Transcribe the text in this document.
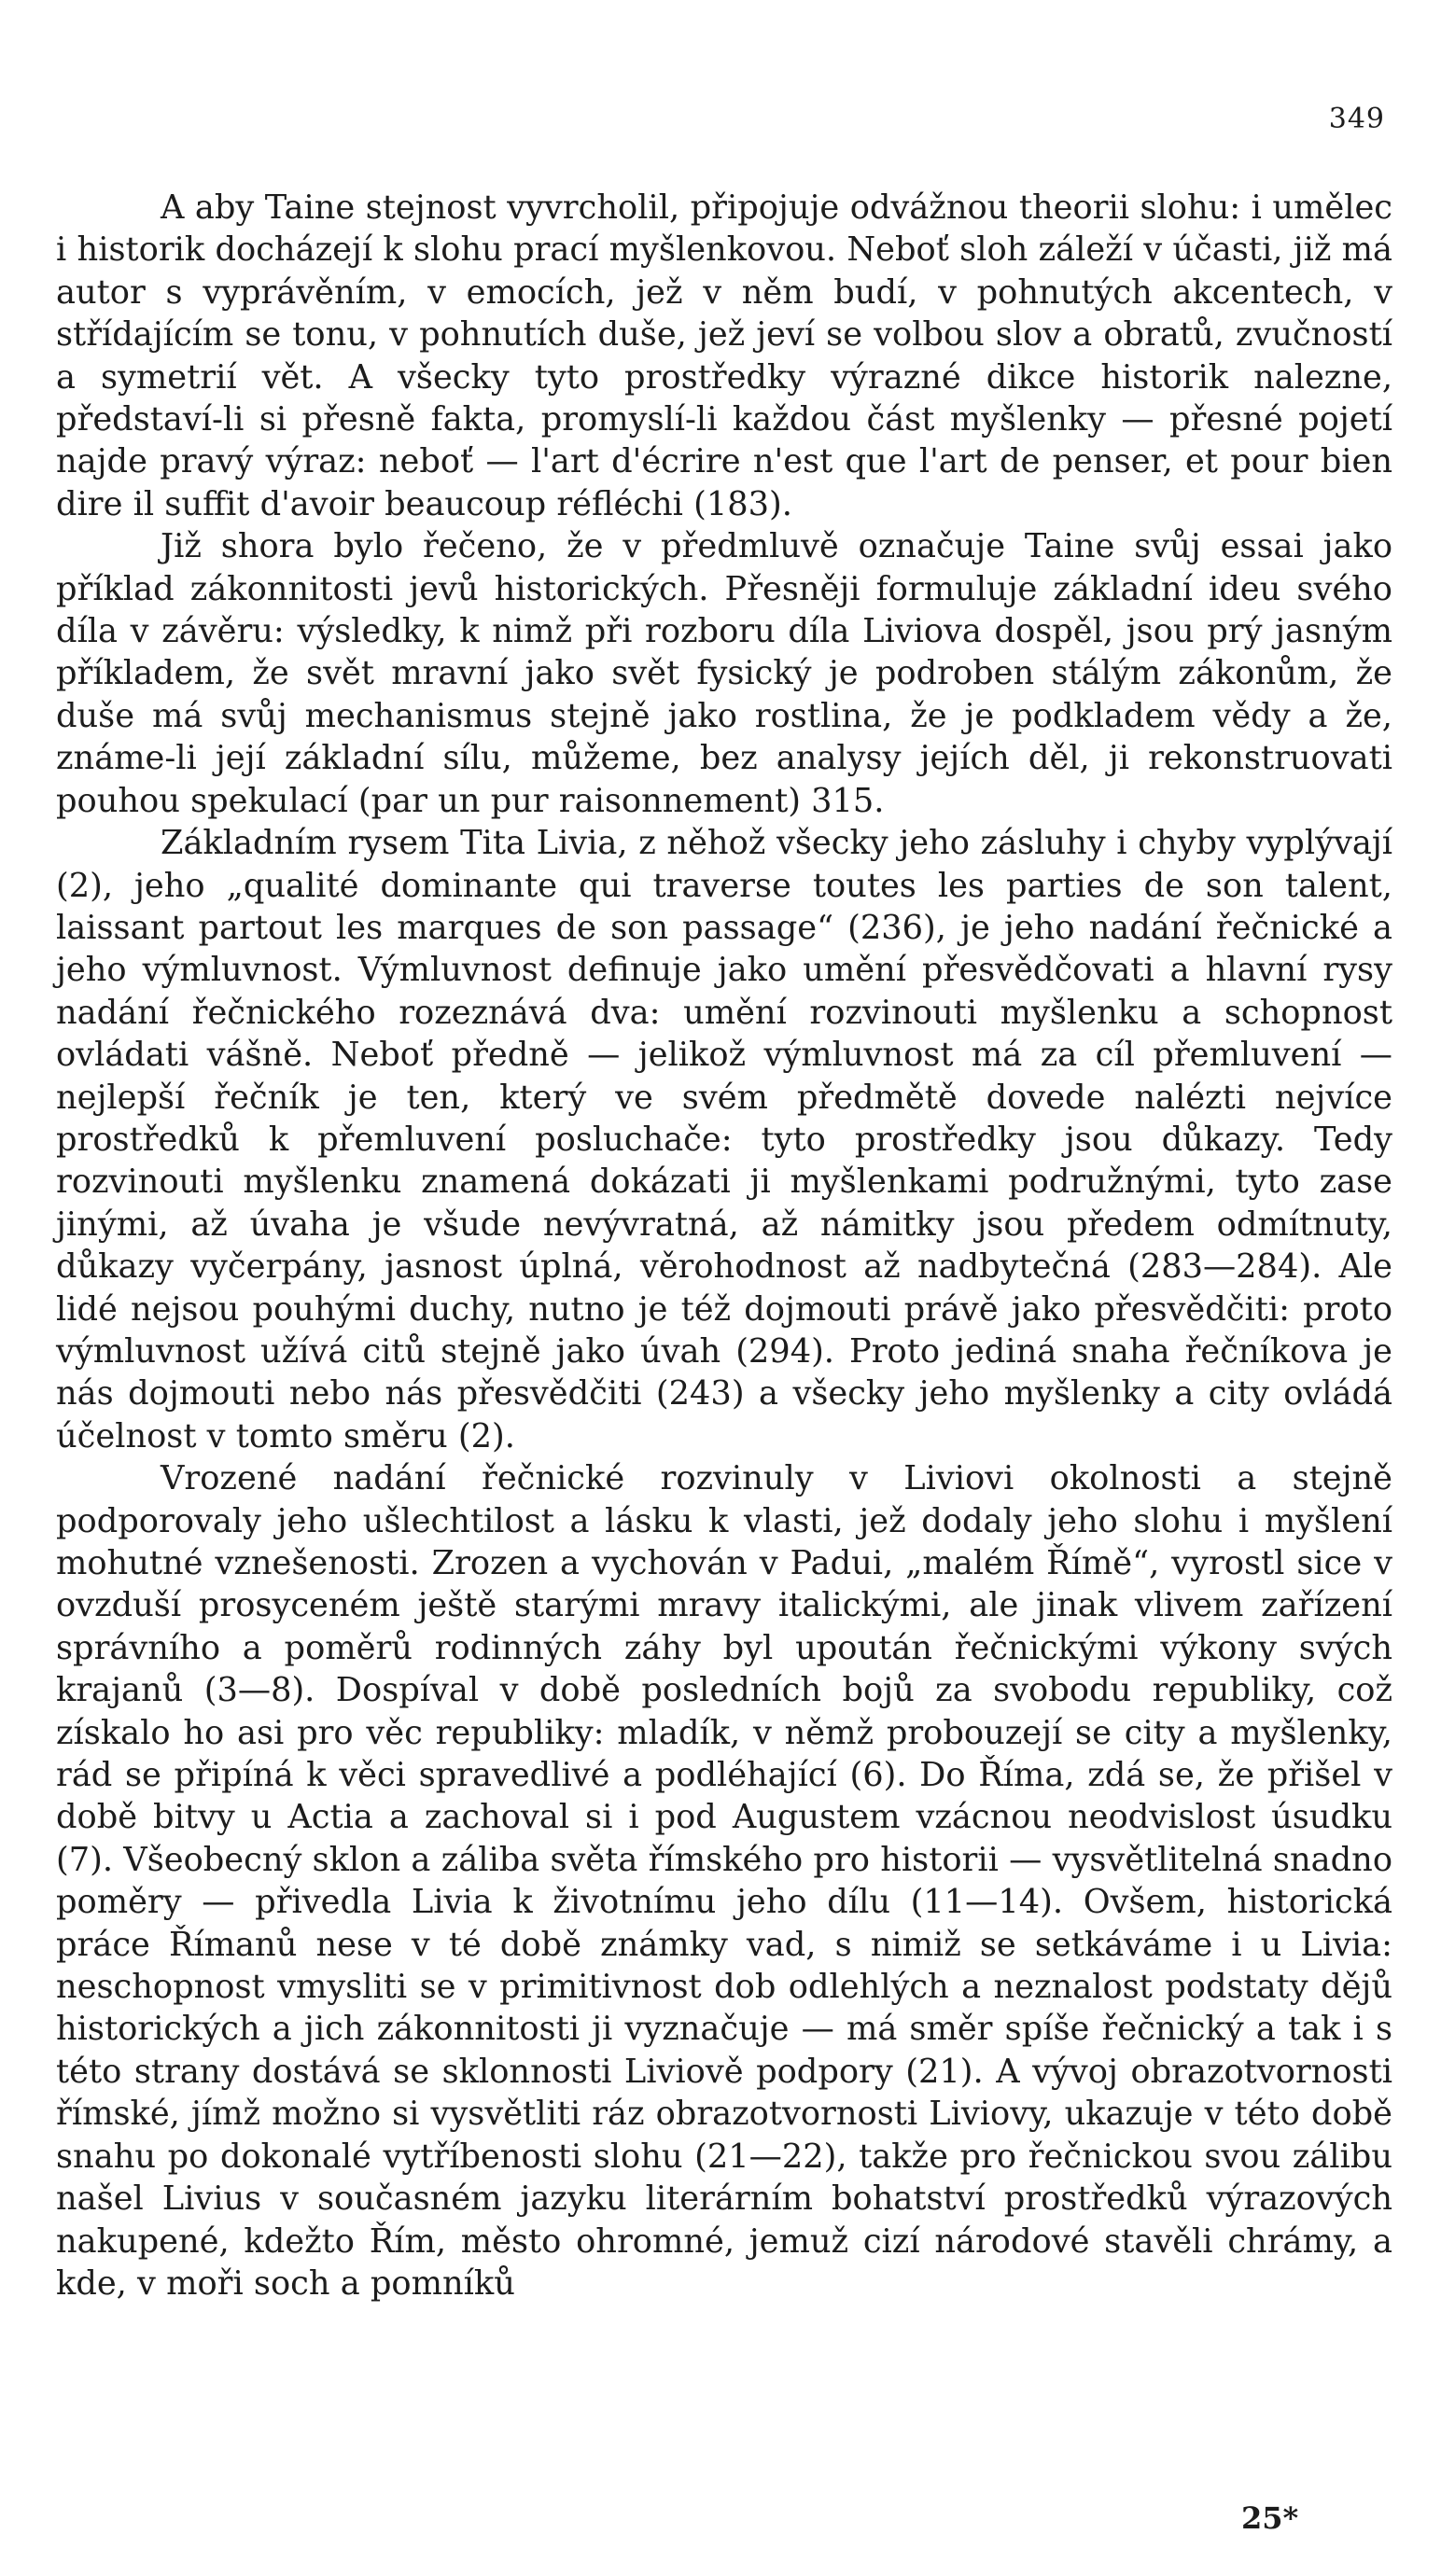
349

A aby Taine stejnost vyvrcholil, připojuje odvážnou theorii slohu: i umělec i historik docházejí k slohu prací myšlenkovou. Neboť sloh záleží v účasti, již má autor s vyprávěním, v emocích, jež v něm budí, v pohnutých akcentech, v střídajícím se tonu, v pohnutích duše, jež jeví se volbou slov a obratů, zvučností a symetrií vět. A všecky tyto prostředky výrazné dikce historik nalezne, představí-li si přesně fakta, promyslí-li každou část myšlenky — přesné pojetí najde pravý výraz: neboť — l'art d'écrire n'est que l'art de penser, et pour bien dire il suffit d'avoir beaucoup réfléchi (183).

Již shora bylo řečeno, že v předmluvě označuje Taine svůj essai jako příklad zákonnitosti jevů historických. Přesněji formuluje základní ideu svého díla v závěru: výsledky, k nimž při rozboru díla Liviova dospěl, jsou prý jasným příkladem, že svět mravní jako svět fysický je podroben stálým zákonům, že duše má svůj mechanismus stejně jako rostlina, že je podkladem vědy a že, známe-li její základní sílu, můžeme, bez analysy jejích děl, ji rekonstruovati pouhou spekulací (par un pur raisonnement) 315.

Základním rysem Tita Livia, z něhož všecky jeho zásluhy i chyby vyplývají (2), jeho „qualité dominante qui traverse toutes les parties de son talent, laissant partout les marques de son passage“ (236), je jeho nadání řečnické a jeho výmluvnost. Výmluvnost definuje jako umění přesvědčovati a hlavní rysy nadání řečnického rozeznává dva: umění rozvinouti myšlenku a schopnost ovládati vášně. Neboť předně — jelikož výmluvnost má za cíl přemluvení — nejlepší řečník je ten, který ve svém předmětě dovede nalézti nejvíce prostředků k přemluvení posluchače: tyto prostředky jsou důkazy. Tedy rozvinouti myšlenku znamená dokázati ji myšlenkami podružnými, tyto zase jinými, až úvaha je všude nevývratná, až námitky jsou předem odmítnuty, důkazy vyčerpány, jasnost úplná, věrohodnost až nadbytečná (283—284). Ale lidé nejsou pouhými duchy, nutno je též dojmouti právě jako přesvědčiti: proto výmluvnost užívá citů stejně jako úvah (294). Proto jediná snaha řečníkova je nás dojmouti nebo nás přesvědčiti (243) a všecky jeho myšlenky a city ovládá účelnost v tomto směru (2).

Vrozené nadání řečnické rozvinuly v Liviovi okolnosti a stejně podporovaly jeho ušlechtilost a lásku k vlasti, jež dodaly jeho slohu i myšlení mohutné vznešenosti. Zrozen a vychován v Padui, „malém Římě“, vyrostl sice v ovzduší prosyceném ještě starými mravy italickými, ale jinak vlivem zařízení správního a poměrů rodinných záhy byl upoután řečnickými výkony svých krajanů (3—8). Dospíval v době posledních bojů za svobodu republiky, což získalo ho asi pro věc republiky: mladík, v němž probouzejí se city a myšlenky, rád se připíná k věci spravedlivé a podléhající (6). Do Říma, zdá se, že přišel v době bitvy u Actia a zachoval si i pod Augustem vzácnou neodvislost úsudku (7). Všeobecný sklon a záliba světa římského pro historii — vysvětlitelná snadno poměry — přivedla Livia k životnímu jeho dílu (11—14). Ovšem, historická práce Římanů nese v té době známky vad, s nimiž se setkáváme i u Livia: neschopnost vmysliti se v primitivnost dob odlehlých a neznalost podstaty dějů historických a jich zákonnitosti ji vyznačuje — má směr spíše řečnický a tak i s této strany dostává se sklonnosti Liviově podpory (21). A vývoj obrazotvornosti římské, jímž možno si vysvětliti ráz obrazotvornosti Liviovy, ukazuje v této době snahu po dokonalé vytříbenosti slohu (21—22), takže pro řečnickou svou zálibu našel Livius v současném jazyku literárním bohatství prostředků výrazových nakupené, kdežto Řím, město ohromné, jemuž cizí národové stavěli chrámy, a kde, v moři soch a pomníků

25*
